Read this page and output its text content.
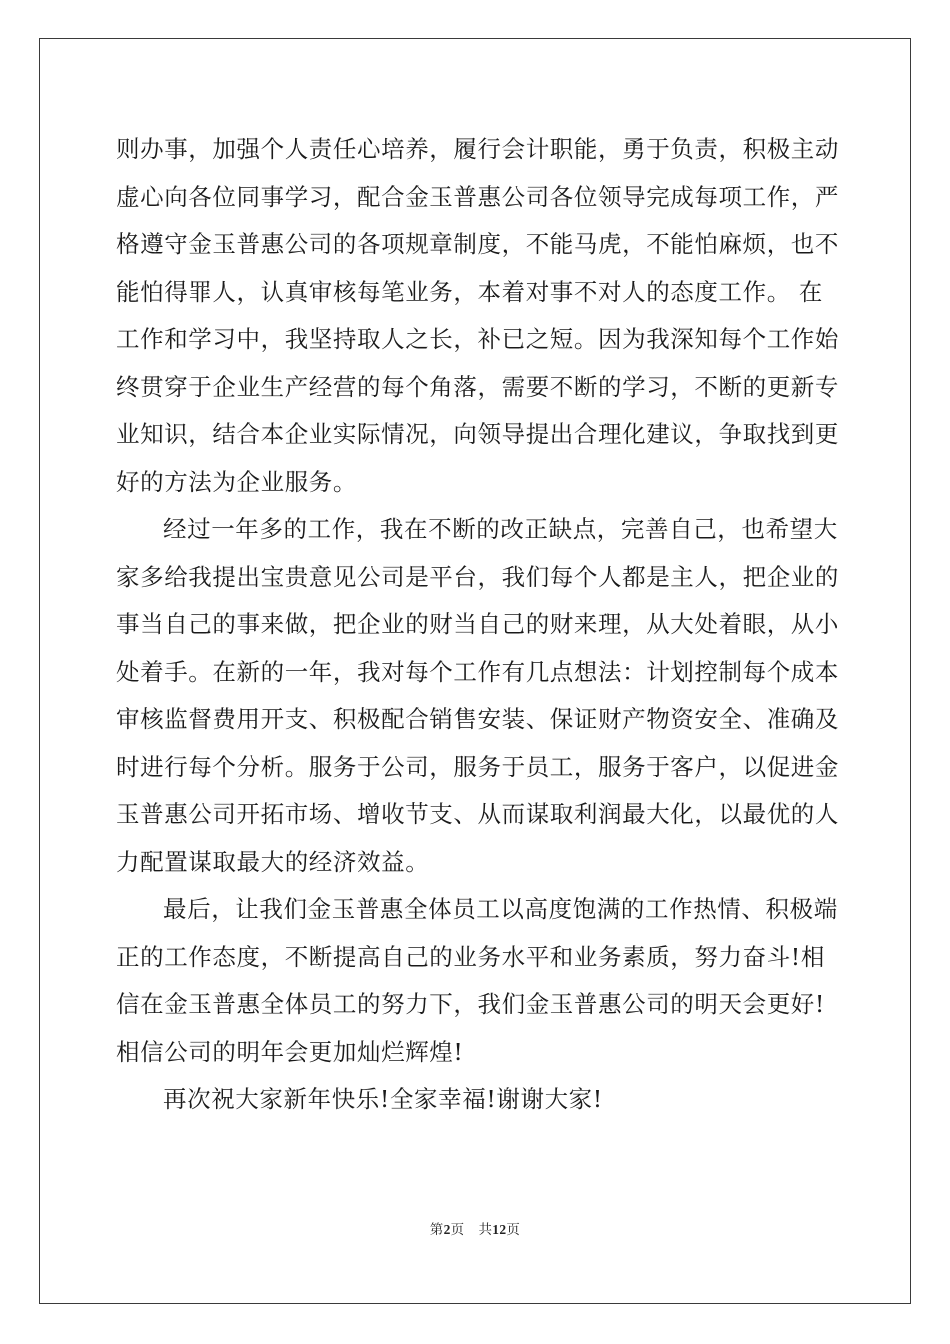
则办事，加强个人责任心培养，履行会计职能，勇于负责，积极主动
虚心向各位同事学习，配合金玉普惠公司各位领导完成每项工作，严
格遵守金玉普惠公司的各项规章制度，不能马虎，不能怕麻烦，也不
能怕得罪人，认真审核每笔业务，本着对事不对人的态度工作。 在
工作和学习中，我坚持取人之长，补已之短。因为我深知每个工作始
终贯穿于企业生产经营的每个角落，需要不断的学习，不断的更新专
业知识，结合本企业实际情况，向领导提出合理化建议，争取找到更
好的方法为企业服务。
经过一年多的工作，我在不断的改正缺点，完善自己，也希望大
家多给我提出宝贵意见公司是平台，我们每个人都是主人，把企业的
事当自己的事来做，把企业的财当自己的财来理，从大处着眼，从小
处着手。在新的一年，我对每个工作有几点想法：计划控制每个成本
审核监督费用开支、积极配合销售安装、保证财产物资安全、准确及
时进行每个分析。服务于公司，服务于员工，服务于客户，以促进金
玉普惠公司开拓市场、增收节支、从而谋取利润最大化，以最优的人
力配置谋取最大的经济效益。
最后，让我们金玉普惠全体员工以高度饱满的工作热情、积极端
正的工作态度，不断提高自己的业务水平和业务素质，努力奋斗!相
信在金玉普惠全体员工的努力下，我们金玉普惠公司的明天会更好!
相信公司的明年会更加灿烂辉煌!
再次祝大家新年快乐!全家幸福!谢谢大家!
第2页 共12页
